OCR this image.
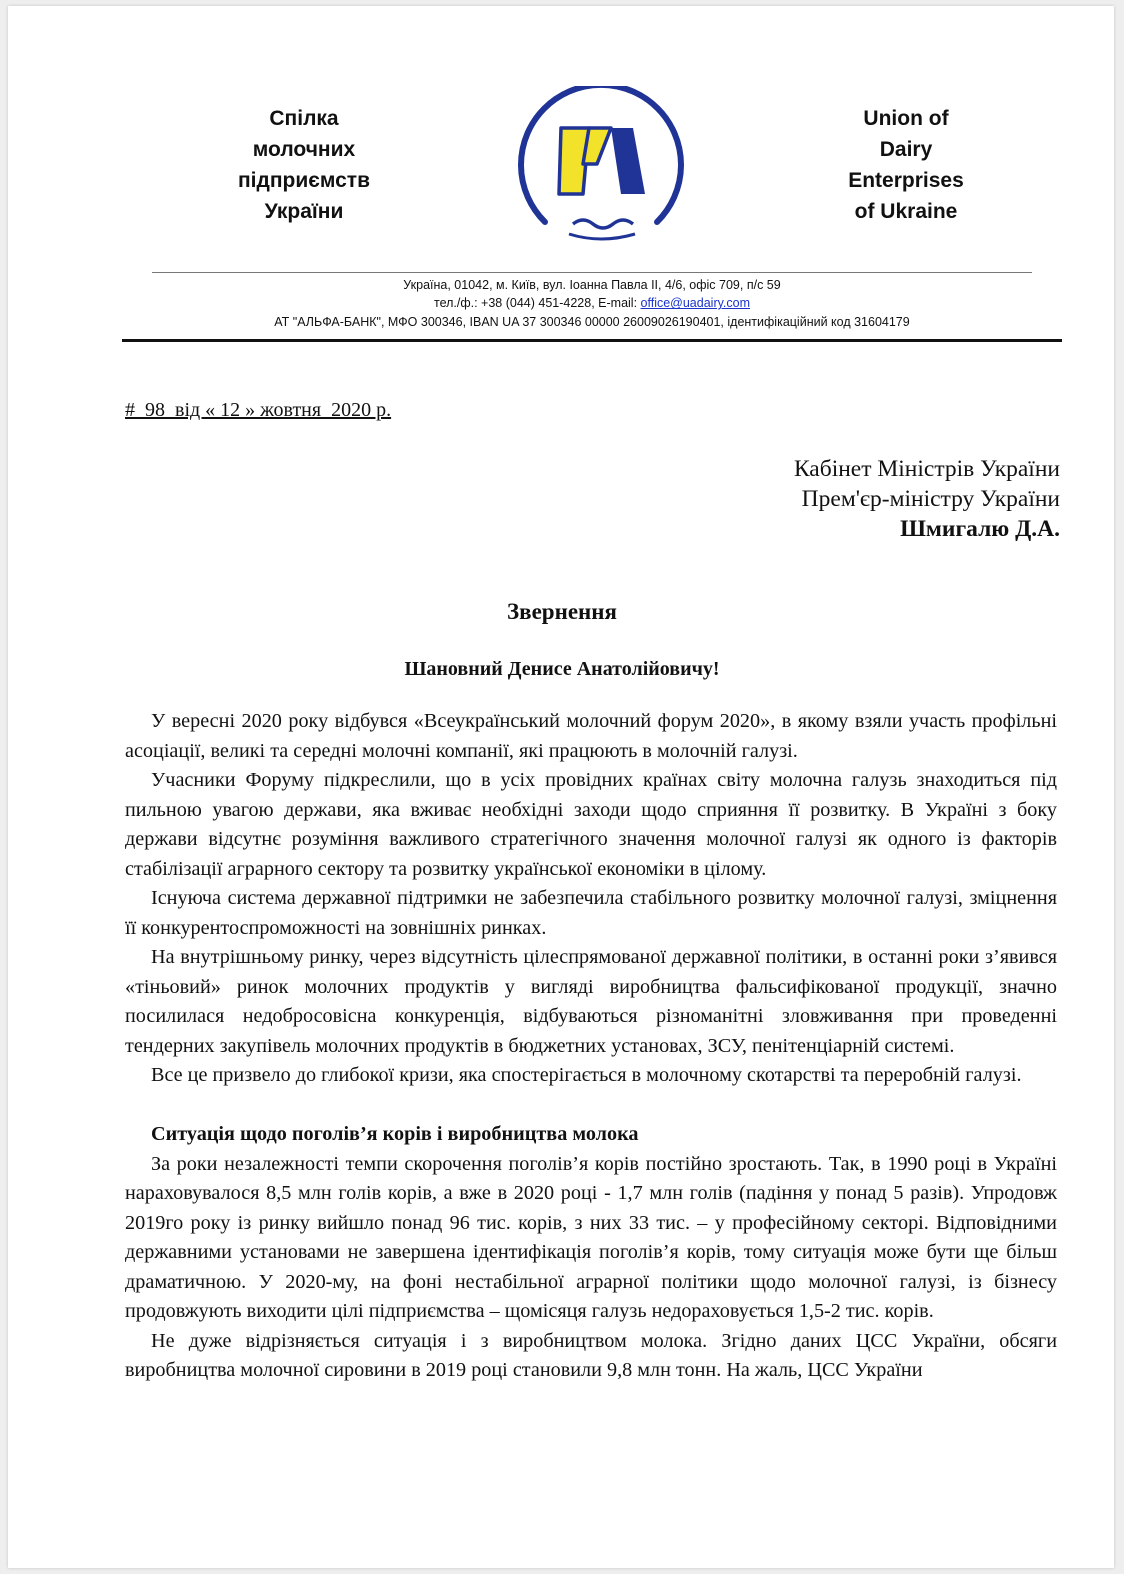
Спілка
молочних
підприємств
України
Union of
Dairy
Enterprises
of Ukraine
Україна, 01042, м. Київ, вул. Іоанна Павла ІІ, 4/6, офіс 709, п/с 59
тел./ф.: +38 (044) 451-4228, E-mail: office@uadairy.com
АТ "АЛЬФА-БАНК", МФО 300346, IBAN UA 37 300346 00000 26009026190401, ідентифікаційний код 31604179
#  98  від « 12 » жовтня  2020 р.
Кабінет Міністрів України
Прем'єр-міністру України
Шмигалю Д.А.
Звернення
Шановний Денисе Анатолійовичу!

У вересні 2020 року відбувся «Всеукраїнський молочний форум 2020», в якому взяли участь профільні асоціації, великі та середні молочні компанії, які працюють в молочній галузі.

Учасники Форуму підкреслили, що в усіх провідних країнах світу молочна галузь знаходиться під пильною увагою держави, яка вживає необхідні заходи щодо сприяння її розвитку. В Україні з боку держави відсутнє розуміння важливого стратегічного значення молочної галузі як одного із факторів стабілізації аграрного сектору та розвитку української економіки в цілому.

Існуюча система державної підтримки не забезпечила стабільного розвитку молочної галузі, зміцнення її конкурентоспроможності на зовнішніх ринках.

На внутрішньому ринку, через відсутність цілеспрямованої державної політики, в останні роки з’явився «тіньовий» ринок молочних продуктів у вигляді виробництва фальсифікованої продукції, значно посилилася недобросовісна конкуренція, відбуваються різноманітні зловживання при проведенні тендерних закупівель молочних продуктів в бюджетних установах, ЗСУ, пенітенціарній системі.

Все це призвело до глибокої кризи, яка спостерігається в молочному скотарстві та переробній галузі.

Ситуація щодо поголів’я корів і виробництва молока

За роки незалежності темпи скорочення поголів’я корів постійно зростають. Так, в 1990 році в Україні нараховувалося 8,5 млн голів корів, а вже в 2020 році - 1,7 млн голів (падіння у понад 5 разів). Упродовж 2019го року із ринку вийшло понад 96 тис. корів, з них 33 тис. – у професійному секторі. Відповідними державними установами не завершена ідентифікація поголів’я корів, тому ситуація може бути ще більш драматичною. У 2020-му, на фоні нестабільної аграрної політики щодо молочної галузі, із бізнесу продовжують виходити цілі підприємства – щомісяця галузь недораховується 1,5-2 тис. корів.

Не дуже відрізняється ситуація і з виробництвом молока. Згідно даних ЦСС України, обсяги виробництва молочної сировини в 2019 році становили 9,8 млн тонн. На жаль, ЦСС України
